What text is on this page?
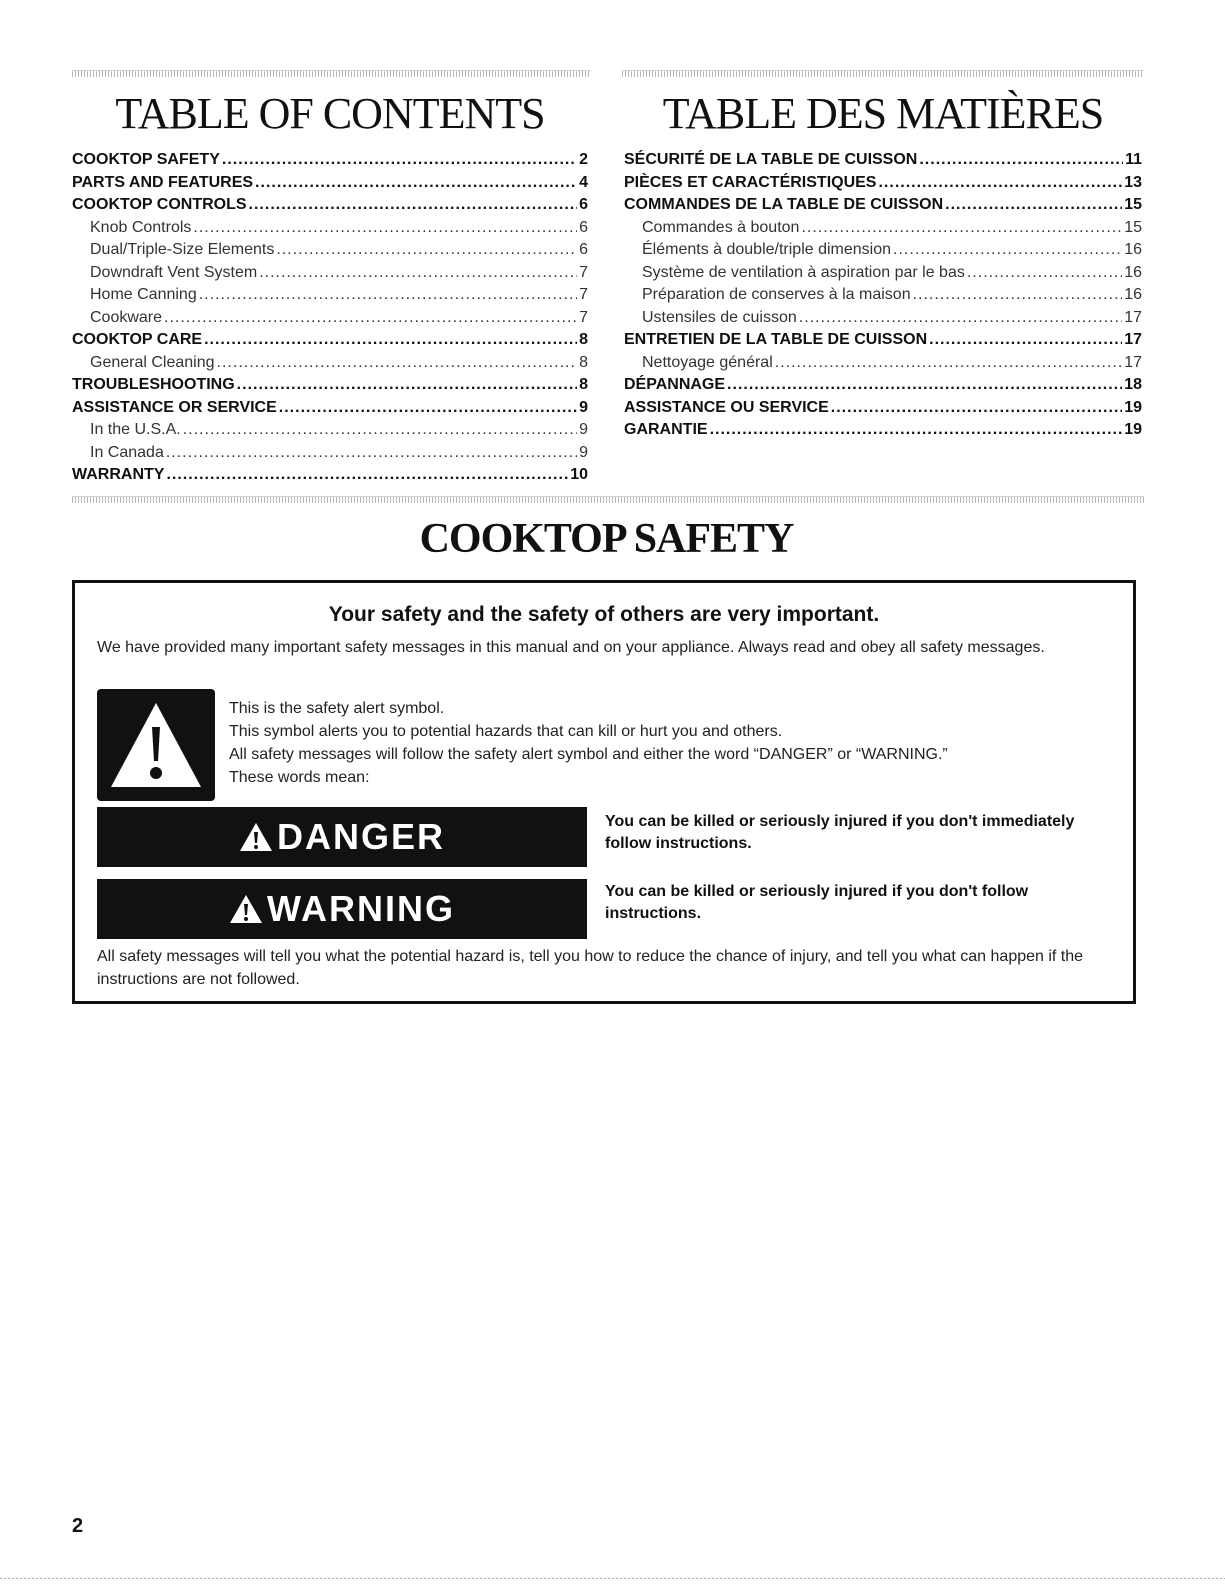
TABLE OF CONTENTS
COOKTOP SAFETY .....	2
PARTS AND FEATURES .....	4
COOKTOP CONTROLS .....	6
Knob Controls .....	6
Dual/Triple-Size Elements .....	6
Downdraft Vent System .....	7
Home Canning .....	7
Cookware .....	7
COOKTOP CARE .....	8
General Cleaning .....	8
TROUBLESHOOTING .....	8
ASSISTANCE OR SERVICE .....	9
In the U.S.A. .....	9
In Canada .....	9
WARRANTY .....	10
TABLE DES MATIÈRES
SÉCURITÉ DE LA TABLE DE CUISSON .....	11
PIÈCES ET CARACTÉRISTIQUES .....	13
COMMANDES DE LA TABLE DE CUISSON .....	15
Commandes à bouton .....	15
Éléments à double/triple dimension .....	16
Système de ventilation à aspiration par le bas .....	16
Préparation de conserves à la maison .....	16
Ustensiles de cuisson .....	17
ENTRETIEN DE LA TABLE DE CUISSON .....	17
Nettoyage général .....	17
DÉPANNAGE .....	18
ASSISTANCE OU SERVICE .....	19
GARANTIE .....	19
COOKTOP SAFETY
Your safety and the safety of others are very important.

We have provided many important safety messages in this manual and on your appliance. Always read and obey all safety messages.

This is the safety alert symbol.
This symbol alerts you to potential hazards that can kill or hurt you and others.
All safety messages will follow the safety alert symbol and either the word “DANGER” or “WARNING.”
These words mean:
DANGER	You can be killed or seriously injured if you don't immediately follow instructions.

WARNING	You can be killed or seriously injured if you don't follow instructions.

All safety messages will tell you what the potential hazard is, tell you how to reduce the chance of injury, and tell you what can happen if the instructions are not followed.

2
